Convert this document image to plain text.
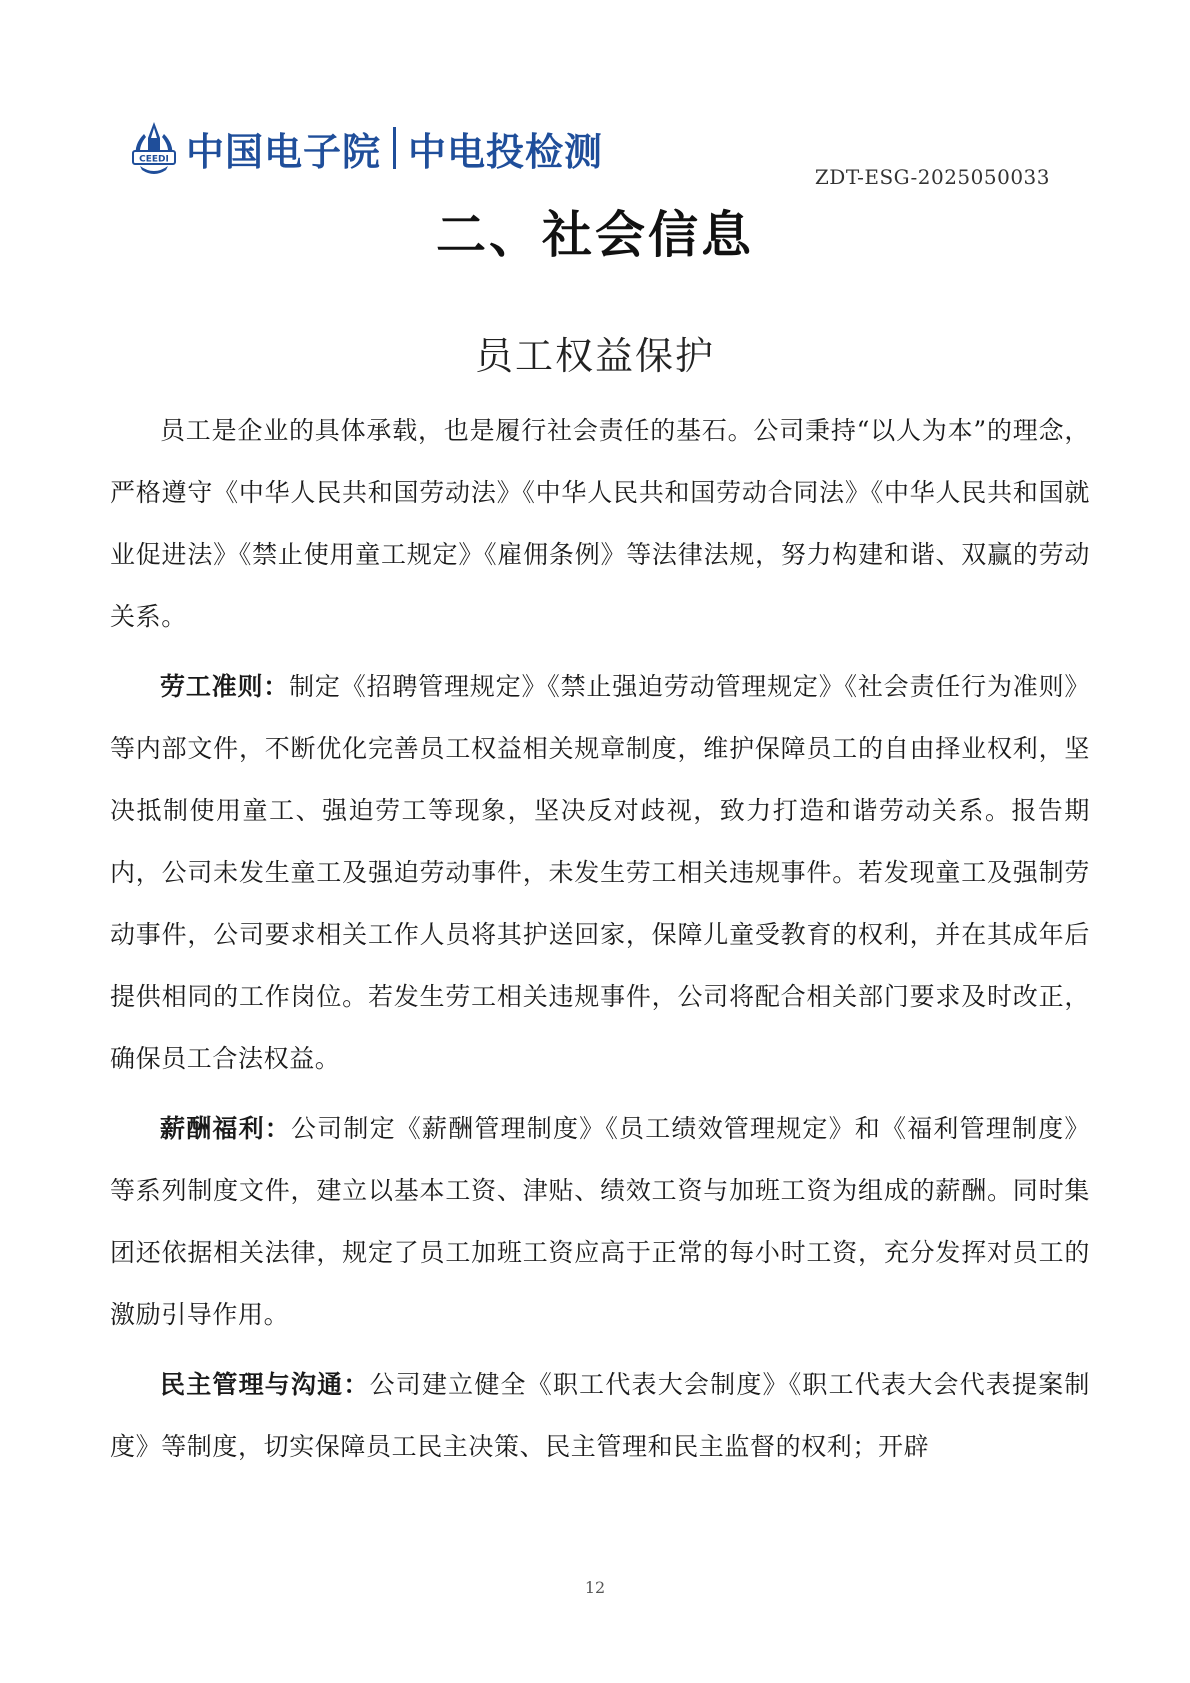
CEEDI 中国电子院 中电投检测
ZDT-ESG-2025050033
二、社会信息
员工权益保护

员工是企业的具体承载，也是履行社会责任的基石。公司秉持“以人为本”的理念，严格遵守《中华人民共和国劳动法》《中华人民共和国劳动合同法》《中华人民共和国就业促进法》《禁止使用童工规定》《雇佣条例》等法律法规，努力构建和谐、双赢的劳动关系。

劳工准则：制定《招聘管理规定》《禁止强迫劳动管理规定》《社会责任行为准则》等内部文件，不断优化完善员工权益相关规章制度，维护保障员工的自由择业权利，坚决抵制使用童工、强迫劳工等现象，坚决反对歧视，致力打造和谐劳动关系。报告期内，公司未发生童工及强迫劳动事件，未发生劳工相关违规事件。若发现童工及强制劳动事件，公司要求相关工作人员将其护送回家，保障儿童受教育的权利，并在其成年后提供相同的工作岗位。若发生劳工相关违规事件，公司将配合相关部门要求及时改正，确保员工合法权益。

薪酬福利：公司制定《薪酬管理制度》《员工绩效管理规定》和《福利管理制度》等系列制度文件，建立以基本工资、津贴、绩效工资与加班工资为组成的薪酬。同时集团还依据相关法律，规定了员工加班工资应高于正常的每小时工资，充分发挥对员工的激励引导作用。

民主管理与沟通：公司建立健全《职工代表大会制度》《职工代表大会代表提案制度》等制度，切实保障员工民主决策、民主管理和民主监督的权利；开辟

12
